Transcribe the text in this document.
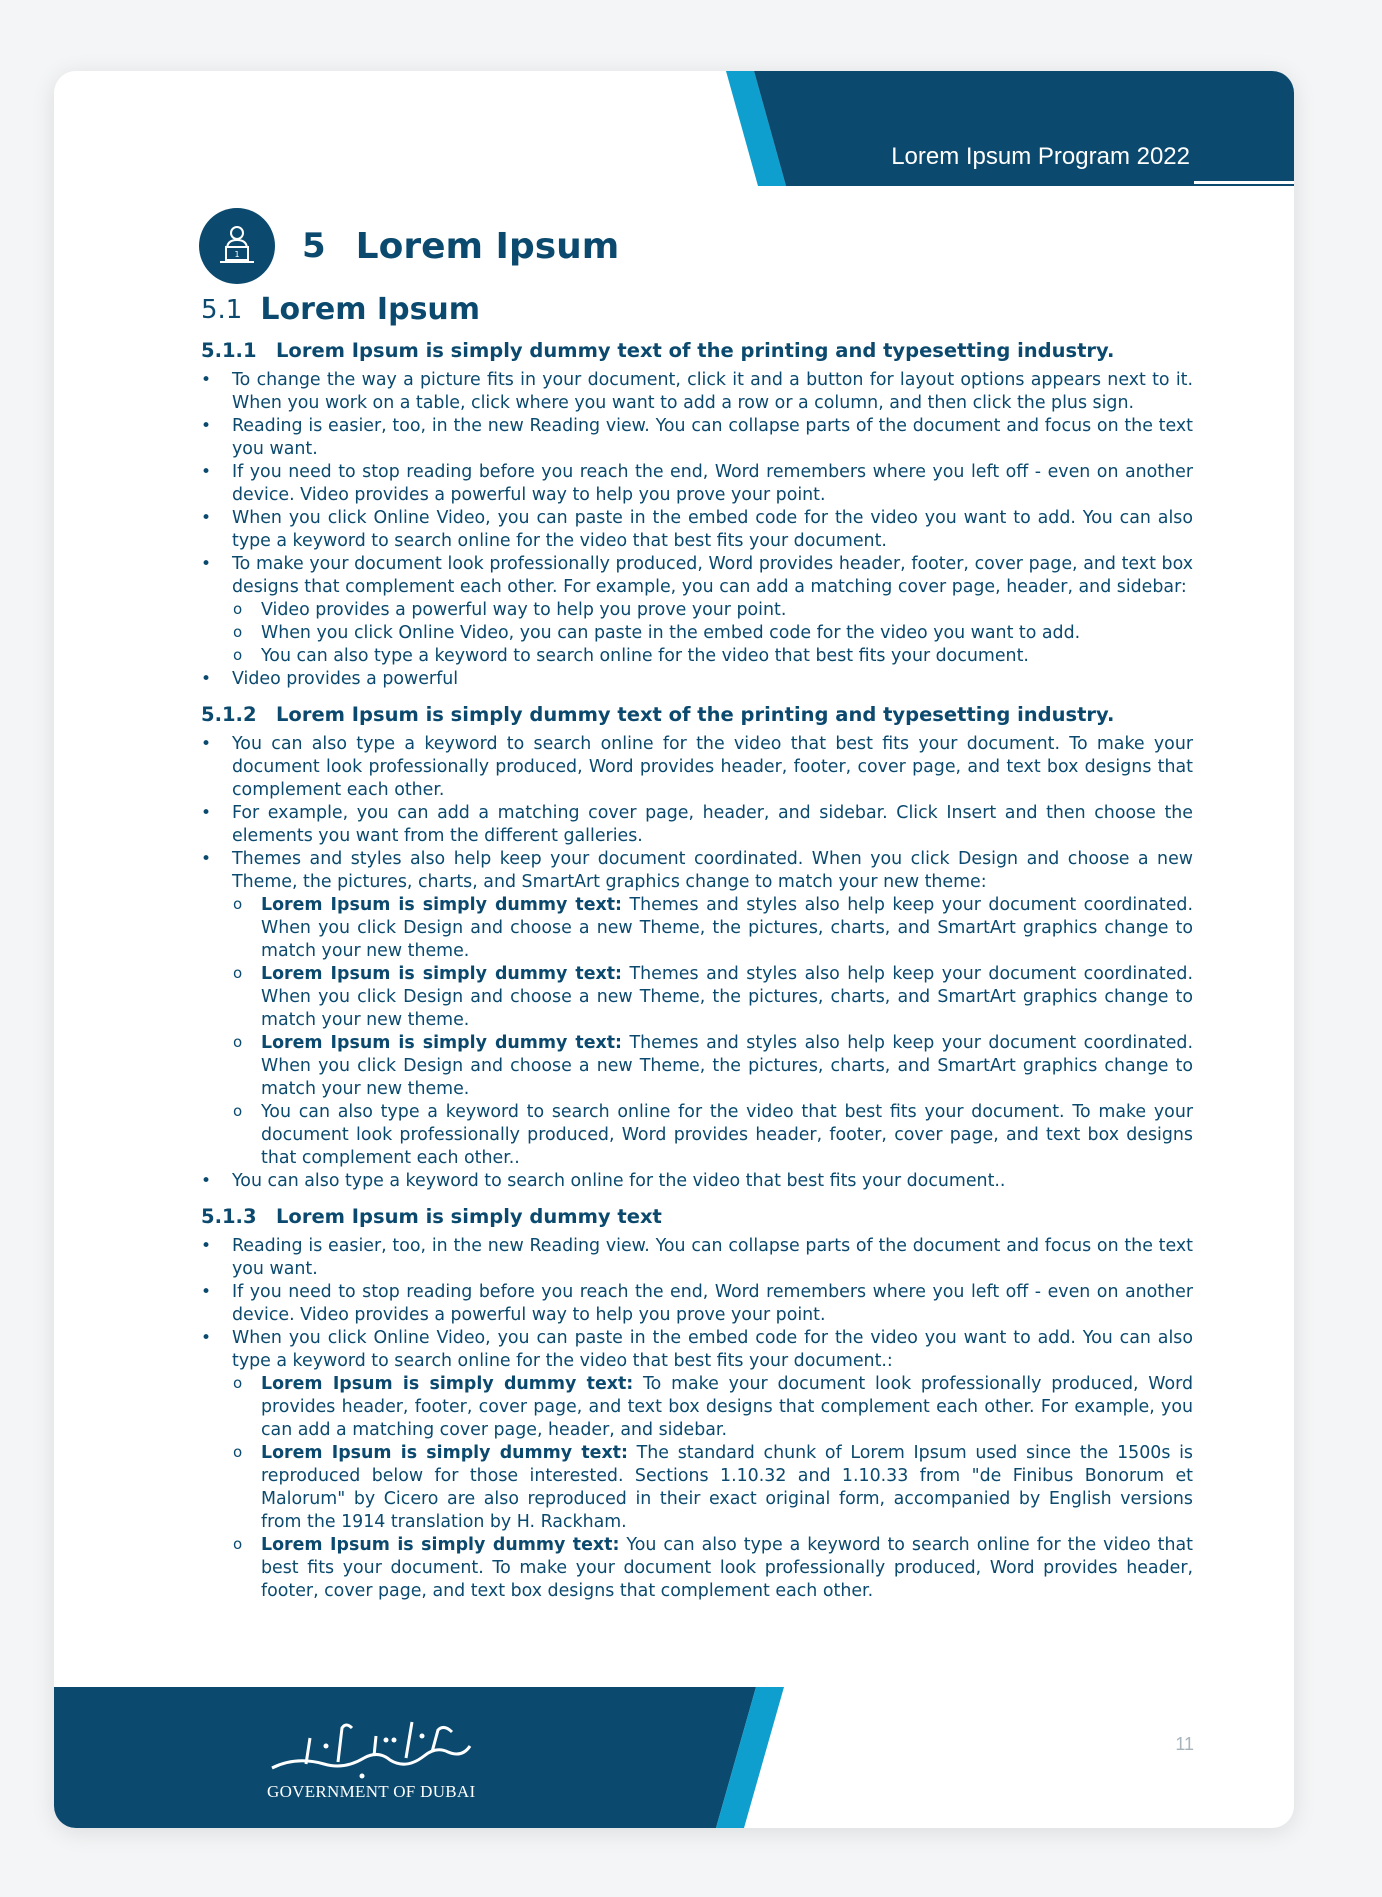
Lorem Ipsum Program 2022
1 5 Lorem Ipsum
5.1 Lorem Ipsum
5.1.1 Lorem Ipsum is simply dummy text of the printing and typesetting industry.
• To change the way a picture fits in your document, click it and a button for layout options appears next to it. When you work on a table, click where you want to add a row or a column, and then click the plus sign.
• Reading is easier, too, in the new Reading view. You can collapse parts of the document and focus on the text you want.
• If you need to stop reading before you reach the end, Word remembers where you left off - even on another device. Video provides a powerful way to help you prove your point.
• When you click Online Video, you can paste in the embed code for the video you want to add. You can also type a keyword to search online for the video that best fits your document.
• To make your document look professionally produced, Word provides header, footer, cover page, and text box designs that complement each other. For example, you can add a matching cover page, header, and sidebar:
o Video provides a powerful way to help you prove your point.
o When you click Online Video, you can paste in the embed code for the video you want to add.
o You can also type a keyword to search online for the video that best fits your document.
• Video provides a powerful
5.1.2 Lorem Ipsum is simply dummy text of the printing and typesetting industry.
• You can also type a keyword to search online for the video that best fits your document. To make your document look professionally produced, Word provides header, footer, cover page, and text box designs that complement each other.
• For example, you can add a matching cover page, header, and sidebar. Click Insert and then choose the elements you want from the different galleries.
• Themes and styles also help keep your document coordinated. When you click Design and choose a new Theme, the pictures, charts, and SmartArt graphics change to match your new theme:
o Lorem Ipsum is simply dummy text: Themes and styles also help keep your document coordinated. When you click Design and choose a new Theme, the pictures, charts, and SmartArt graphics change to match your new theme.
o Lorem Ipsum is simply dummy text: Themes and styles also help keep your document coordinated. When you click Design and choose a new Theme, the pictures, charts, and SmartArt graphics change to match your new theme.
o Lorem Ipsum is simply dummy text: Themes and styles also help keep your document coordinated. When you click Design and choose a new Theme, the pictures, charts, and SmartArt graphics change to match your new theme.
o You can also type a keyword to search online for the video that best fits your document. To make your document look professionally produced, Word provides header, footer, cover page, and text box designs that complement each other..
• You can also type a keyword to search online for the video that best fits your document..
5.1.3 Lorem Ipsum is simply dummy text
• Reading is easier, too, in the new Reading view. You can collapse parts of the document and focus on the text you want.
• If you need to stop reading before you reach the end, Word remembers where you left off - even on another device. Video provides a powerful way to help you prove your point.
• When you click Online Video, you can paste in the embed code for the video you want to add. You can also type a keyword to search online for the video that best fits your document.:
o Lorem Ipsum is simply dummy text: To make your document look professionally produced, Word provides header, footer, cover page, and text box designs that complement each other. For example, you can add a matching cover page, header, and sidebar.
o Lorem Ipsum is simply dummy text: The standard chunk of Lorem Ipsum used since the 1500s is reproduced below for those interested. Sections 1.10.32 and 1.10.33 from "de Finibus Bonorum et Malorum" by Cicero are also reproduced in their exact original form, accompanied by English versions from the 1914 translation by H. Rackham.
o Lorem Ipsum is simply dummy text: You can also type a keyword to search online for the video that best fits your document. To make your document look professionally produced, Word provides header, footer, cover page, and text box designs that complement each other.
GOVERNMENT OF DUBAI
11
